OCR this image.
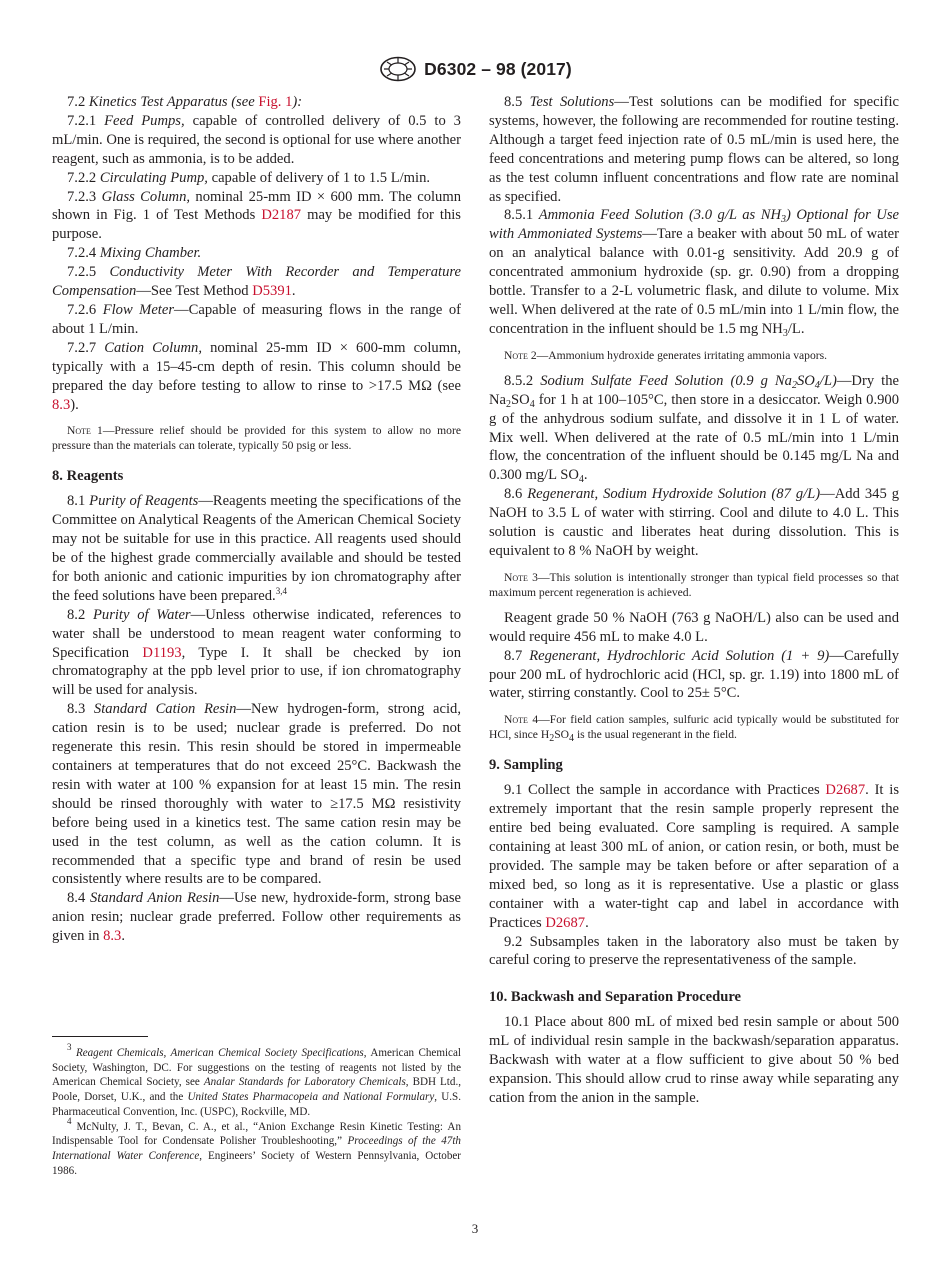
D6302 – 98 (2017)
7.2 Kinetics Test Apparatus (see Fig. 1):
7.2.1 Feed Pumps, capable of controlled delivery of 0.5 to 3 mL/min. One is required, the second is optional for use where another reagent, such as ammonia, is to be added.
7.2.2 Circulating Pump, capable of delivery of 1 to 1.5 L/min.
7.2.3 Glass Column, nominal 25-mm ID × 600 mm. The column shown in Fig. 1 of Test Methods D2187 may be modified for this purpose.
7.2.4 Mixing Chamber.
7.2.5 Conductivity Meter With Recorder and Temperature Compensation—See Test Method D5391.
7.2.6 Flow Meter—Capable of measuring flows in the range of about 1 L/min.
7.2.7 Cation Column, nominal 25-mm ID × 600-mm column, typically with a 15–45-cm depth of resin. This column should be prepared the day before testing to allow to rinse to >17.5 MΩ (see 8.3).
Note 1—Pressure relief should be provided for this system to allow no more pressure than the materials can tolerate, typically 50 psig or less.
8. Reagents
8.1 Purity of Reagents—Reagents meeting the specifications of the Committee on Analytical Reagents of the American Chemical Society may not be suitable for use in this practice. All reagents used should be of the highest grade commercially available and should be tested for both anionic and cationic impurities by ion chromatography after the feed solutions have been prepared.$^{3,4}$
8.2 Purity of Water—Unless otherwise indicated, references to water shall be understood to mean reagent water conforming to Specification D1193, Type I. It shall be checked by ion chromatography at the ppb level prior to use, if ion chromatography will be used for analysis.
8.3 Standard Cation Resin—New hydrogen-form, strong acid, cation resin is to be used; nuclear grade is preferred. Do not regenerate this resin. This resin should be stored in impermeable containers at temperatures that do not exceed 25°C. Backwash the resin with water at 100 % expansion for at least 15 min. The resin should be rinsed thoroughly with water to ≥17.5 MΩ resistivity before being used in a kinetics test. The same cation resin may be used in the test column, as well as the cation column. It is recommended that a specific type and brand of resin be used consistently where results are to be compared.
8.4 Standard Anion Resin—Use new, hydroxide-form, strong base anion resin; nuclear grade preferred. Follow other requirements as given in 8.3.
$^3$ Reagent Chemicals, American Chemical Society Specifications, American Chemical Society, Washington, DC. For suggestions on the testing of reagents not listed by the American Chemical Society, see Analar Standards for Laboratory Chemicals, BDH Ltd., Poole, Dorset, U.K., and the United States Pharmacopeia and National Formulary, U.S. Pharmaceutical Convention, Inc. (USPC), Rockville, MD.
$^4$ McNulty, J. T., Bevan, C. A., et al., “Anion Exchange Resin Kinetic Testing: An Indispensable Tool for Condensate Polisher Troubleshooting,” Proceedings of the 47th International Water Conference, Engineers’ Society of Western Pennsylvania, October 1986.
8.5 Test Solutions—Test solutions can be modified for specific systems, however, the following are recommended for routine testing. Although a target feed injection rate of 0.5 mL/min is used here, the feed concentrations and metering pump flows can be altered, so long as the test column influent concentrations and flow rate are nominal as specified.
8.5.1 Ammonia Feed Solution (3.0 g/L as $NH_3$) Optional for Use with Ammoniated Systems—Tare a beaker with about 50 mL of water on an analytical balance with 0.01-g sensitivity. Add 20.9 g of concentrated ammonium hydroxide (sp. gr. 0.90) from a dropping bottle. Transfer to a 2-L volumetric flask, and dilute to volume. Mix well. When delivered at the rate of 0.5 mL/min into 1 L/min flow, the concentration in the influent should be 1.5 mg $NH_3/L$.
Note 2—Ammonium hydroxide generates irritating ammonia vapors.
8.5.2 Sodium Sulfate Feed Solution (0.9 g $Na_2SO_4/L)—Dry$ the $Na_2SO_4$ for 1 h at 100–105°C, then store in a desiccator. Weigh 0.900 g of the anhydrous sodium sulfate, and dissolve it in 1 L of water. Mix well. When delivered at the rate of 0.5 mL/min into 1 L/min flow, the concentration of the influent should be 0.145 mg/L Na and 0.300 mg/L $SO_4$.
8.6 Regenerant, Sodium Hydroxide Solution (87 g/L)—Add 345 g NaOH to 3.5 L of water with stirring. Cool and dilute to 4.0 L. This solution is caustic and liberates heat during dissolution. This is equivalent to 8 % NaOH by weight.
Note 3—This solution is intentionally stronger than typical field processes so that maximum percent regeneration is achieved.
Reagent grade 50 % NaOH (763 g NaOH/L) also can be used and would require 456 mL to make 4.0 L.
8.7 Regenerant, Hydrochloric Acid Solution (1 + 9)—Carefully pour 200 mL of hydrochloric acid (HCl, sp. gr. 1.19) into 1800 mL of water, stirring constantly. Cool to 25± 5°C.
Note 4—For field cation samples, sulfuric acid typically would be substituted for HCl, since $H_2SO_4$ is the usual regenerant in the field.
9. Sampling
9.1 Collect the sample in accordance with Practices D2687. It is extremely important that the resin sample properly represent the entire bed being evaluated. Core sampling is required. A sample containing at least 300 mL of anion, or cation resin, or both, must be provided. The sample may be taken before or after separation of a mixed bed, so long as it is representative. Use a plastic or glass container with a water-tight cap and label in accordance with Practices D2687.
9.2 Subsamples taken in the laboratory also must be taken by careful coring to preserve the representativeness of the sample.
10. Backwash and Separation Procedure
10.1 Place about 800 mL of mixed bed resin sample or about 500 mL of individual resin sample in the backwash/separation apparatus. Backwash with water at a flow sufficient to give about 50 % bed expansion. This should allow crud to rinse away while separating any cation from the anion in the sample.
3
